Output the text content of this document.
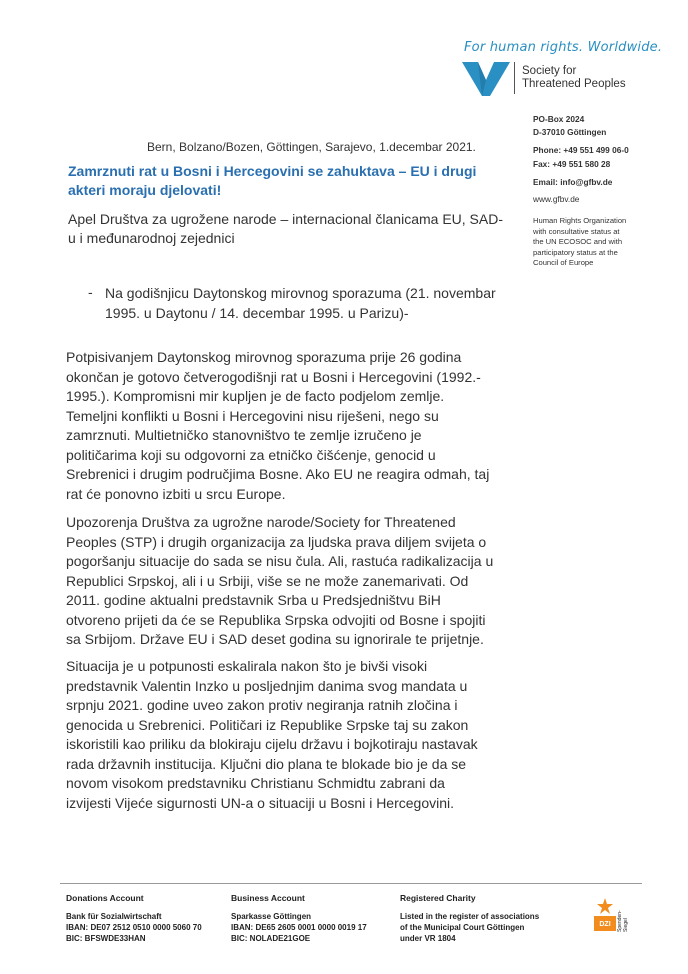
For human rights. Worldwide.
Society for
Threatened Peoples
PO-Box 2024
D-37010 Göttingen
Phone: +49 551 499 06-0
Fax: +49 551 580 28
Email: info@gfbv.de
www.gfbv.de
Human Rights Organization
with consultative status at
the UN ECOSOC and with
participatory status at the
Council of Europe
Bern, Bolzano/Bozen, Göttingen, Sarajevo, 1.decembar 2021.
Zamrznuti rat u Bosni i Hercegovini se zahuktava – EU i drugi
akteri moraju djelovati!
Apel Društva za ugrožene narode – internacional članicama EU, SAD-
u i međunarodnoj zejednici
- Na godišnjicu Daytonskog mirovnog sporazuma (21. novembar
1995. u Daytonu / 14. decembar 1995. u Parizu)-
Potpisivanjem Daytonskog mirovnog sporazuma prije 26 godina
okončan je gotovo četverogodišnji rat u Bosni i Hercegovini (1992.-
1995.). Kompromisni mir kupljen je de facto podjelom zemlje.
Temeljni konflikti u Bosni i Hercegovini nisu riješeni, nego su
zamrznuti. Multietničko stanovništvo te zemlje izručeno je
političarima koji su odgovorni za etničko čišćenje, genocid u
Srebrenici i drugim područjima Bosne. Ako EU ne reagira odmah, taj
rat će ponovno izbiti u srcu Europe.
Upozorenja Društva za ugrožne narode/Society for Threatened
Peoples (STP) i drugih organizacija za ljudska prava diljem svijeta o
pogoršanju situacije do sada se nisu čula. Ali, rastuća radikalizacija u
Republici Srpskoj, ali i u Srbiji, više se ne može zanemarivati. Od
2011. godine aktualni predstavnik Srba u Predsjedništvu BiH
otvoreno prijeti da će se Republika Srpska odvojiti od Bosne i spojiti
sa Srbijom. Države EU i SAD deset godina su ignorirale te prijetnje.
Situacija je u potpunosti eskalirala nakon što je bivši visoki
predstavnik Valentin Inzko u posljednjim danima svog mandata u
srpnju 2021. godine uveo zakon protiv negiranja ratnih zločina i
genocida u Srebrenici. Političari iz Republike Srpske taj su zakon
iskoristili kao priliku da blokiraju cijelu državu i bojkotiraju nastavak
rada državnih institucija. Ključni dio plana te blokade bio je da se
novom visokom predstavniku Christianu Schmidtu zabrani da
izvijesti Vijeće sigurnosti UN-a o situaciji u Bosni i Hercegovini.
Donations Account
Bank für Sozialwirtschaft
IBAN: DE07 2512 0510 0000 5060 70
BIC: BFSWDE33HAN
Business Account
Sparkasse Göttingen
IBAN: DE65 2605 0001 0000 0019 17
BIC: NOLADE21GOE
Registered Charity
Listed in the register of associations
of the Municipal Court Göttingen
under VR 1804
DZI Spenden-Siegel
